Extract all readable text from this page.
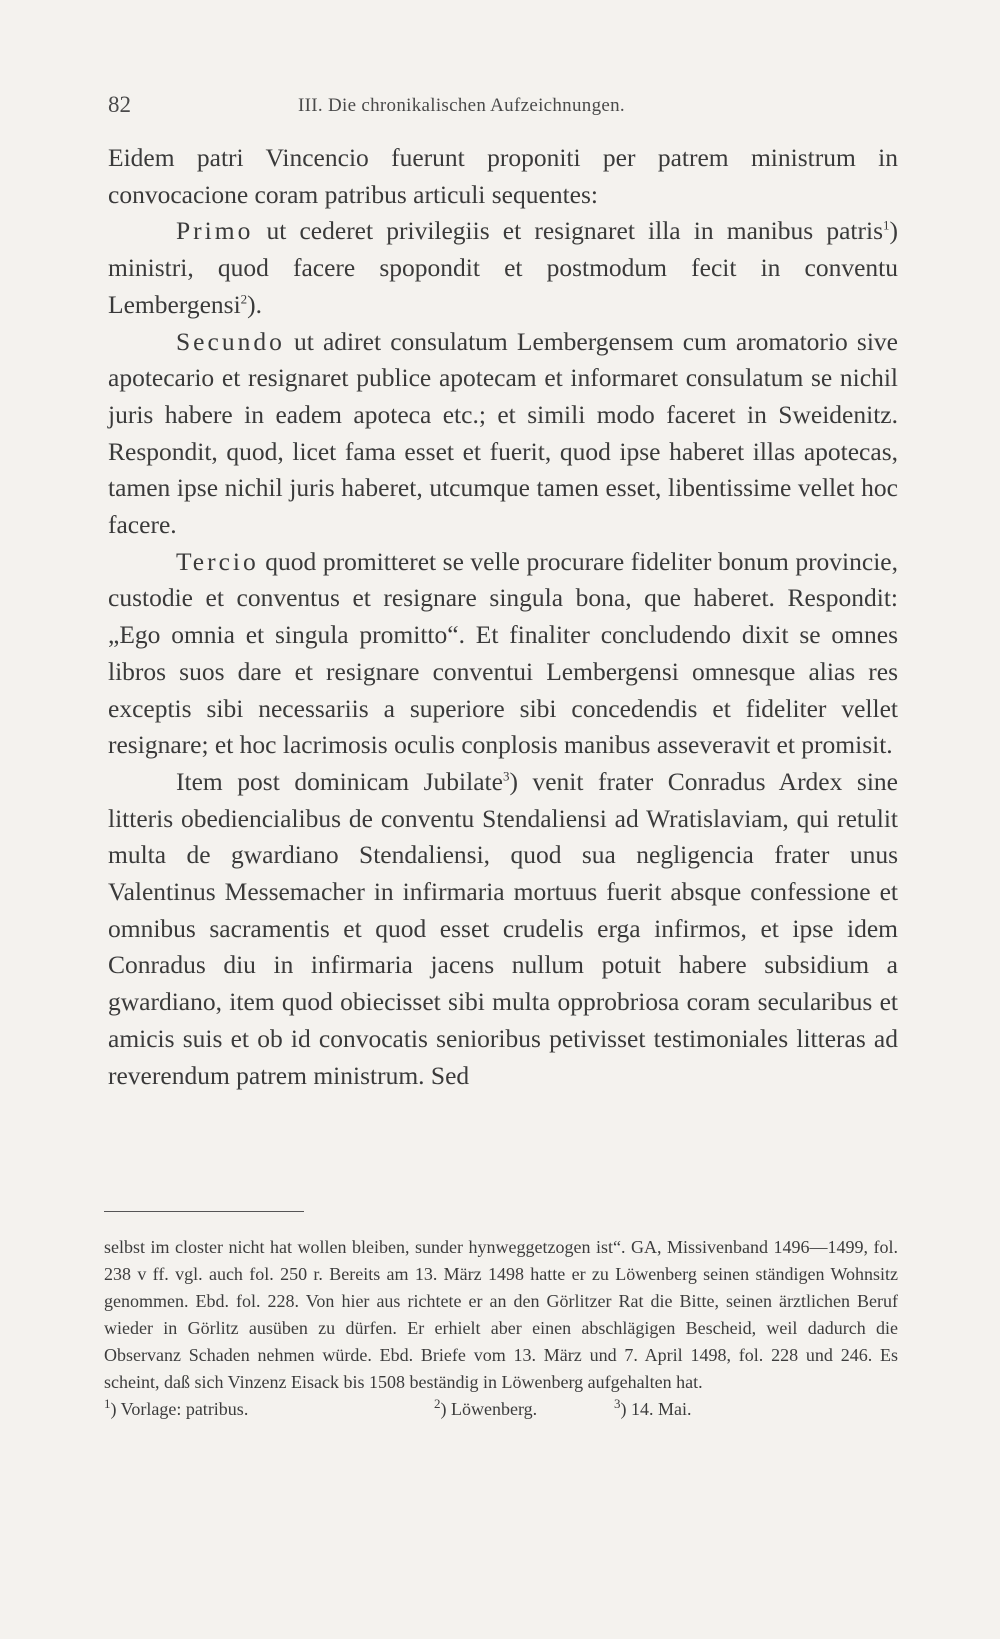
82	III. Die chronikalischen Aufzeichnungen.

Eidem patri Vincencio fuerunt proponiti per patrem ministrum in convocacione coram patribus articuli sequentes:

Primo ut cederet privilegiis et resignaret illa in manibus patris$^1$) ministri, quod facere spopondit et postmodum fecit in conventu Lembergensi$^2$).

Secundo ut adiret consulatum Lembergensem cum aromatorio sive apotecario et resignaret publice apotecam et informaret consulatum se nichil juris habere in eadem apoteca etc.; et simili modo faceret in Sweidenitz. Respondit, quod, licet fama esset et fuerit, quod ipse haberet illas apotecas, tamen ipse nichil juris haberet, utcumque tamen esset, libentissime vellet hoc facere.

Tercio quod promitteret se velle procurare fideliter bonum provincie, custodie et conventus et resignare singula bona, que haberet. Respondit: „Ego omnia et singula promitto“. Et finaliter concludendo dixit se omnes libros suos dare et resignare conventui Lembergensi omnesque alias res exceptis sibi necessariis a superiore sibi concedendis et fideliter vellet resignare; et hoc lacrimosis oculis conplosis manibus asseveravit et promisit.

Item post dominicam Jubilate$^3$) venit frater Conradus Ardex sine litteris obediencialibus de conventu Stendaliensi ad Wratislaviam, qui retulit multa de gwardiano Stendaliensi, quod sua negligencia frater unus Valentinus Messemacher in infirmaria mortuus fuerit absque confessione et omnibus sacramentis et quod esset crudelis erga infirmos, et ipse idem Conradus diu in infirmaria jacens nullum potuit habere subsidium a gwardiano, item quod obiecisset sibi multa opprobriosa coram secularibus et amicis suis et ob id convocatis senioribus petivisset testimoniales litteras ad reverendum patrem ministrum. Sed

selbst im closter nicht hat wollen bleiben, sunder hynweggetzogen ist“. GA, Missivenband 1496—1499, fol. 238 v ff. vgl. auch fol. 250 r. Bereits am 13. März 1498 hatte er zu Löwenberg seinen ständigen Wohnsitz genommen. Ebd. fol. 228. Von hier aus richtete er an den Görlitzer Rat die Bitte, seinen ärztlichen Beruf wieder in Görlitz ausüben zu dürfen. Er erhielt aber einen abschlägigen Bescheid, weil dadurch die Observanz Schaden nehmen würde. Ebd. Briefe vom 13. März und 7. April 1498, fol. 228 und 246. Es scheint, daß sich Vinzenz Eisack bis 1508 beständig in Löwenberg aufgehalten hat.

$^1$) Vorlage: patribus.	$^2$) Löwenberg.	$^3$) 14. Mai.
